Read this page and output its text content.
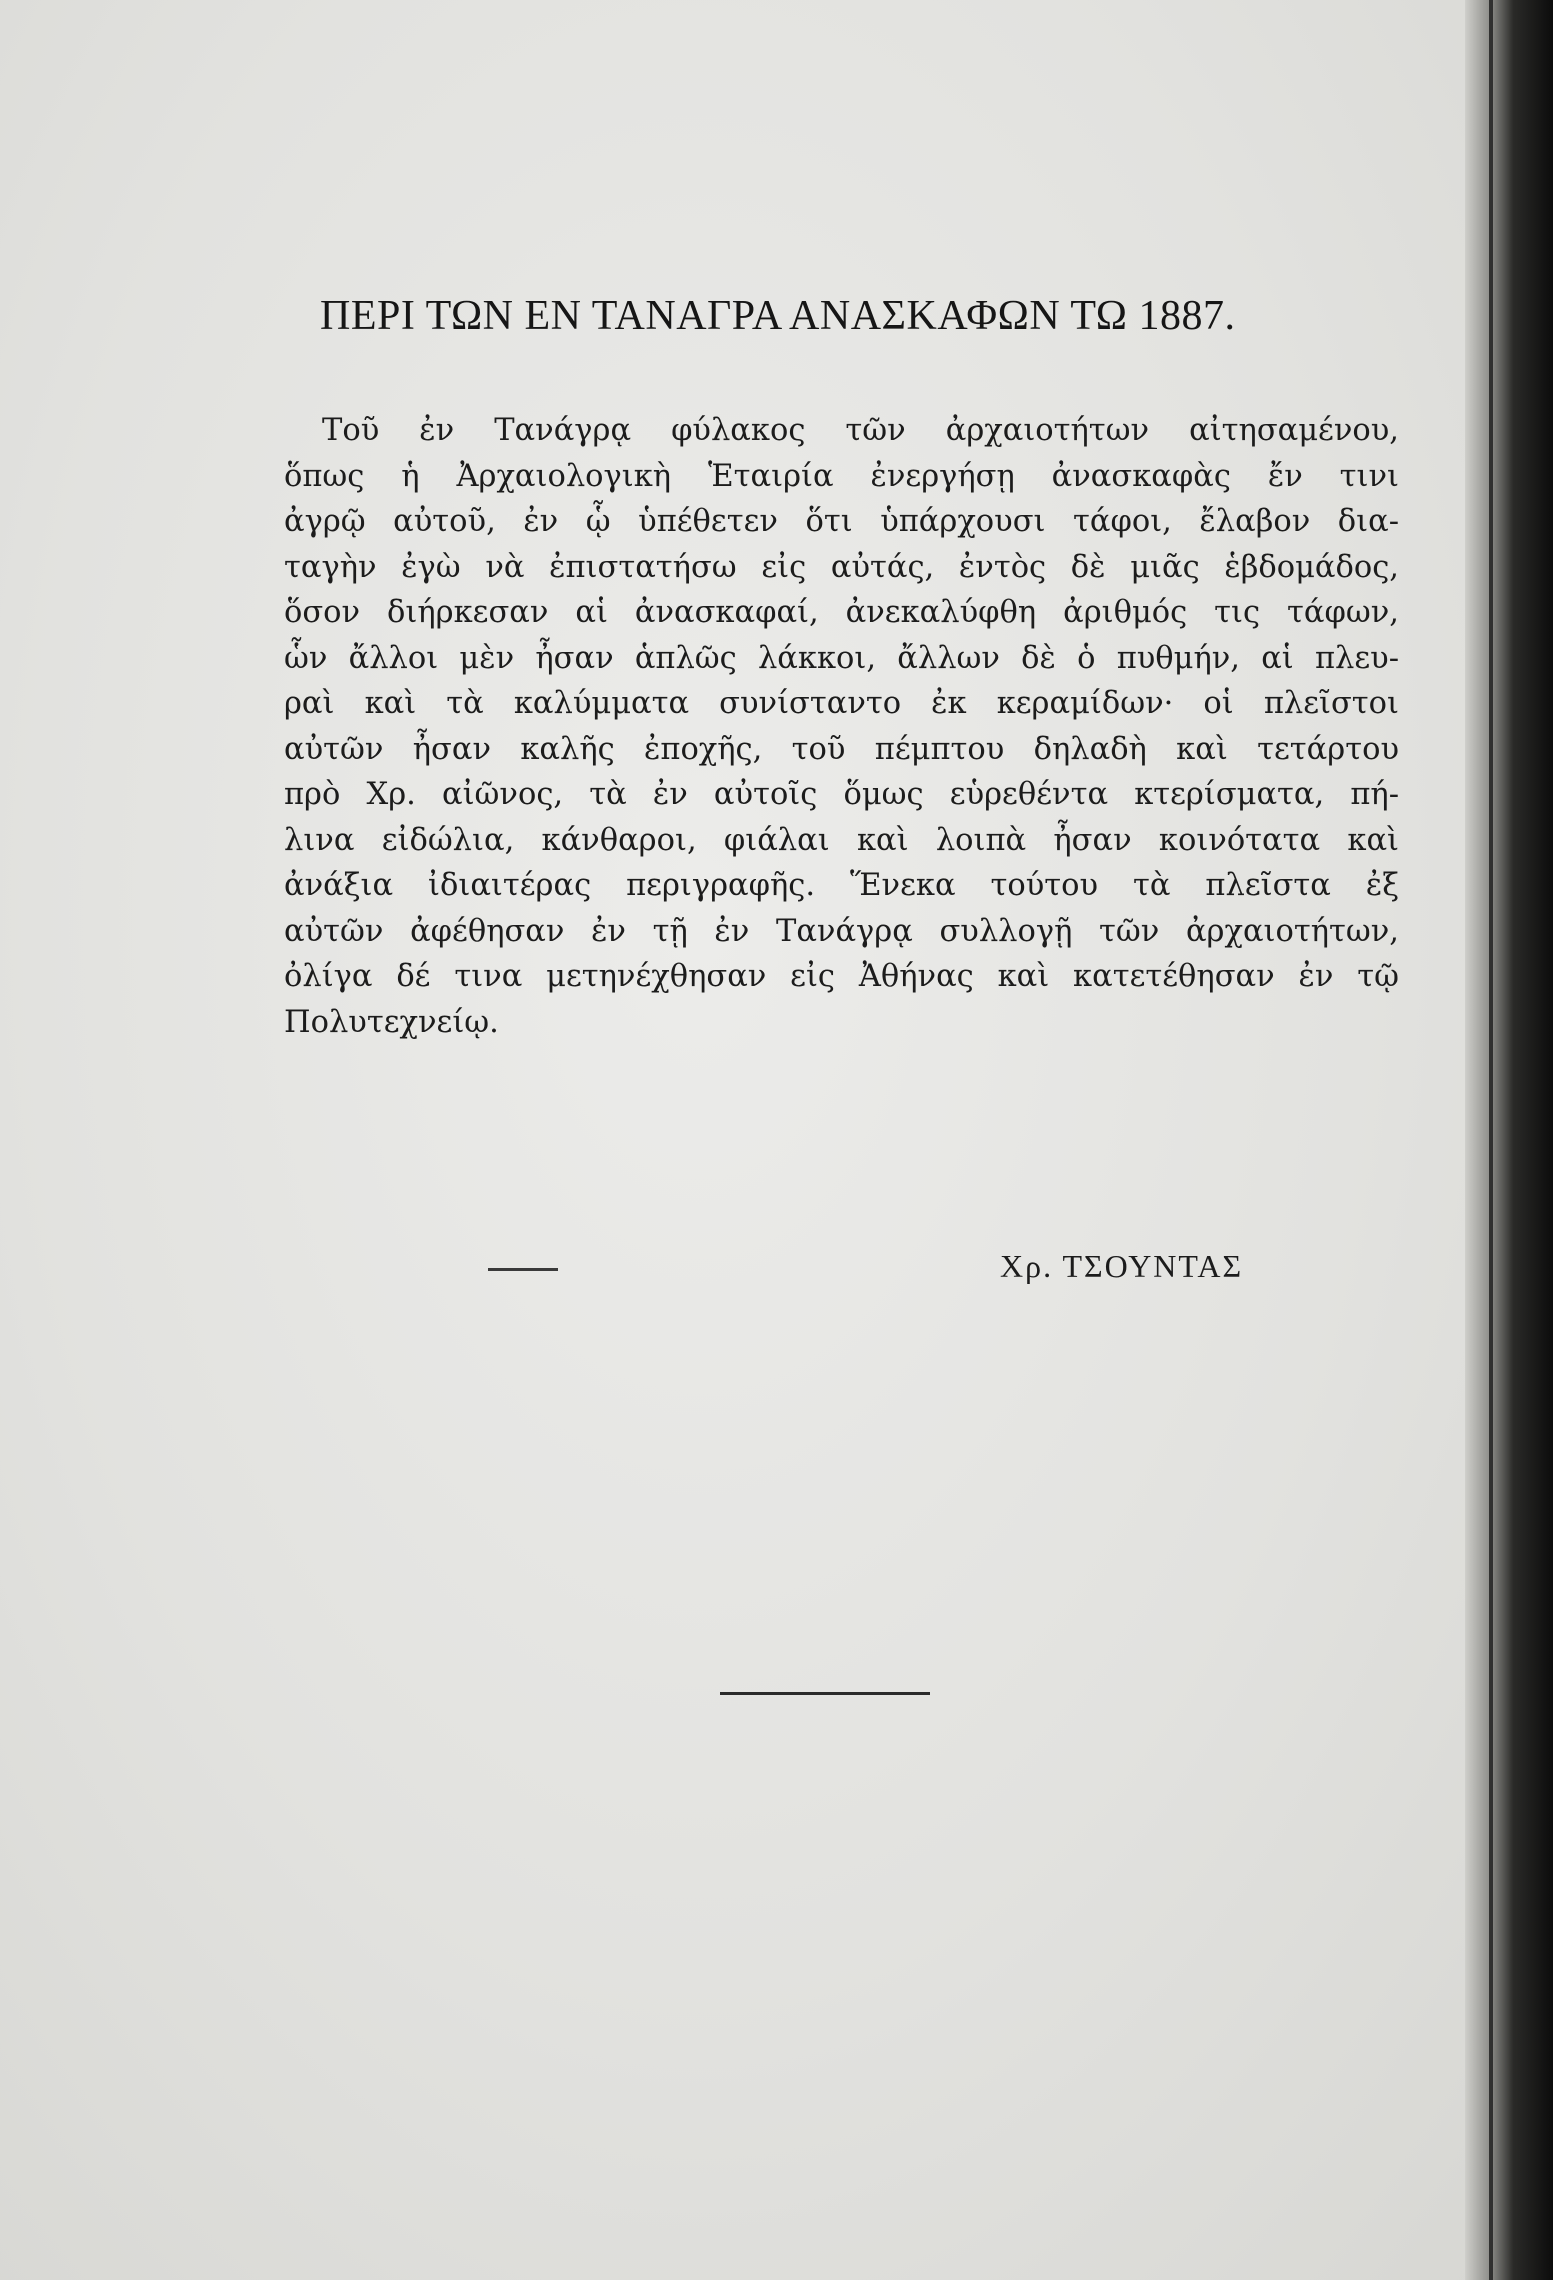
ΠΕΡΙ ΤΩΝ ΕΝ ΤΑΝΑΓΡΑ ΑΝΑΣΚΑΦΩΝ ΤΩ 1887.
Τοῦ ἐν Τανάγρᾳ φύλακος τῶν ἀρχαιοτήτων αἰτησαμένου,
ὅπως ἡ Ἀρχαιολογικὴ Ἑταιρία ἐνεργήσῃ ἀνασκαφὰς ἔν τινι
ἀγρῷ αὐτοῦ, ἐν ᾧ ὑπέθετεν ὅτι ὑπάρχουσι τάφοι, ἔλαβον δια-
ταγὴν ἐγὼ νὰ ἐπιστατήσω εἰς αὐτάς, ἐντὸς δὲ μιᾶς ἑβδομάδος,
ὅσον διήρκεσαν αἱ ἀνασκαφαί, ἀνεκαλύφθη ἀριθμός τις τάφων,
ὧν ἄλλοι μὲν ἦσαν ἁπλῶς λάκκοι, ἄλλων δὲ ὁ πυθμήν, αἱ πλευ-
ραὶ καὶ τὰ καλύμματα συνίσταντο ἐκ κεραμίδων· οἱ πλεῖστοι
αὐτῶν ἦσαν καλῆς ἐποχῆς, τοῦ πέμπτου δηλαδὴ καὶ τετάρτου
πρὸ Χρ. αἰῶνος, τὰ ἐν αὐτοῖς ὅμως εὑρεθέντα κτερίσματα, πή-
λινα εἰδώλια, κάνθαροι, φιάλαι καὶ λοιπὰ ἦσαν κοινότατα καὶ
ἀνάξια ἰδιαιτέρας περιγραφῆς. Ἕνεκα τούτου τὰ πλεῖστα ἐξ
αὐτῶν ἀφέθησαν ἐν τῇ ἐν Τανάγρᾳ συλλογῇ τῶν ἀρχαιοτήτων,
ὀλίγα δέ τινα μετηνέχθησαν εἰς Ἀθήνας καὶ κατετέθησαν ἐν τῷ
Πολυτεχνείῳ.
Χρ. ΤΣΟΥΝΤΑΣ
